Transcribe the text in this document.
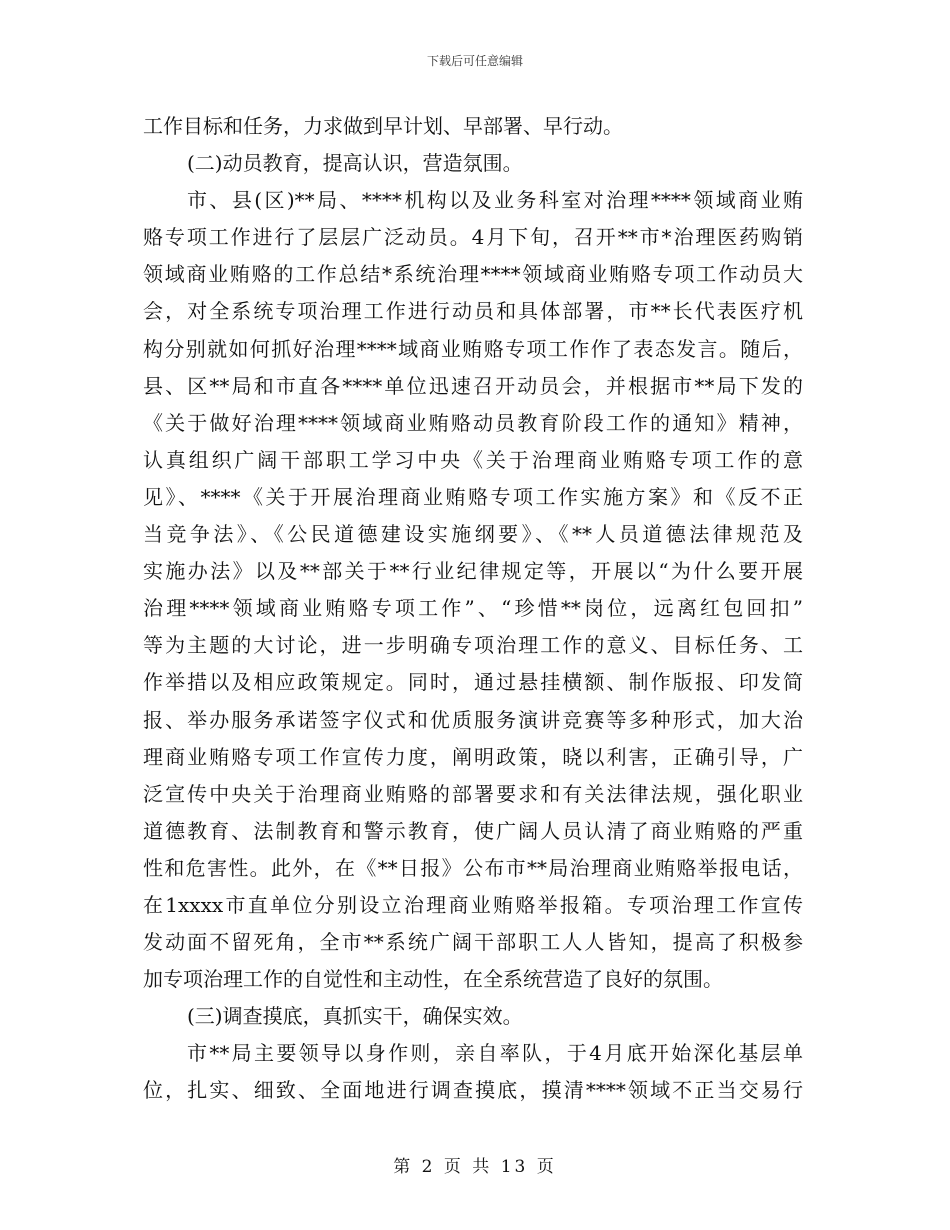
下载后可任意编辑
工作目标和任务，力求做到早计划、早部署、早行动。
(二)动员教育，提高认识，营造氛围。
市、县(区)**局、****机构以及业务科室对治理****领域商业贿
赂专项工作进行了层层广泛动员。4月下旬，召开**市*治理医药购销
领域商业贿赂的工作总结*系统治理****领域商业贿赂专项工作动员大
会，对全系统专项治理工作进行动员和具体部署，市**长代表医疗机
构分别就如何抓好治理****域商业贿赂专项工作作了表态发言。随后，
县、区**局和市直各****单位迅速召开动员会，并根据市**局下发的
《关于做好治理****领域商业贿赂动员教育阶段工作的通知》精神，
认真组织广阔干部职工学习中央《关于治理商业贿赂专项工作的意
见》、****《关于开展治理商业贿赂专项工作实施方案》和《反不正
当竞争法》、《公民道德建设实施纲要》、《**人员道德法律规范及
实施办法》以及**部关于**行业纪律规定等，开展以“为什么要开展
治理****领域商业贿赂专项工作”、“珍惜**岗位，远离红包回扣”
等为主题的大讨论，进一步明确专项治理工作的意义、目标任务、工
作举措以及相应政策规定。同时，通过悬挂横额、制作版报、印发简
报、举办服务承诺签字仪式和优质服务演讲竞赛等多种形式，加大治
理商业贿赂专项工作宣传力度，阐明政策，晓以利害，正确引导，广
泛宣传中央关于治理商业贿赂的部署要求和有关法律法规，强化职业
道德教育、法制教育和警示教育，使广阔人员认清了商业贿赂的严重
性和危害性。此外，在《**日报》公布市**局治理商业贿赂举报电话，
在1xxxx市直单位分别设立治理商业贿赂举报箱。专项治理工作宣传
发动面不留死角，全市**系统广阔干部职工人人皆知，提高了积极参
加专项治理工作的自觉性和主动性，在全系统营造了良好的氛围。
(三)调查摸底，真抓实干，确保实效。
市**局主要领导以身作则，亲自率队，于4月底开始深化基层单
位，扎实、细致、全面地进行调查摸底，摸清****领域不正当交易行
第 2 页 共 13 页
